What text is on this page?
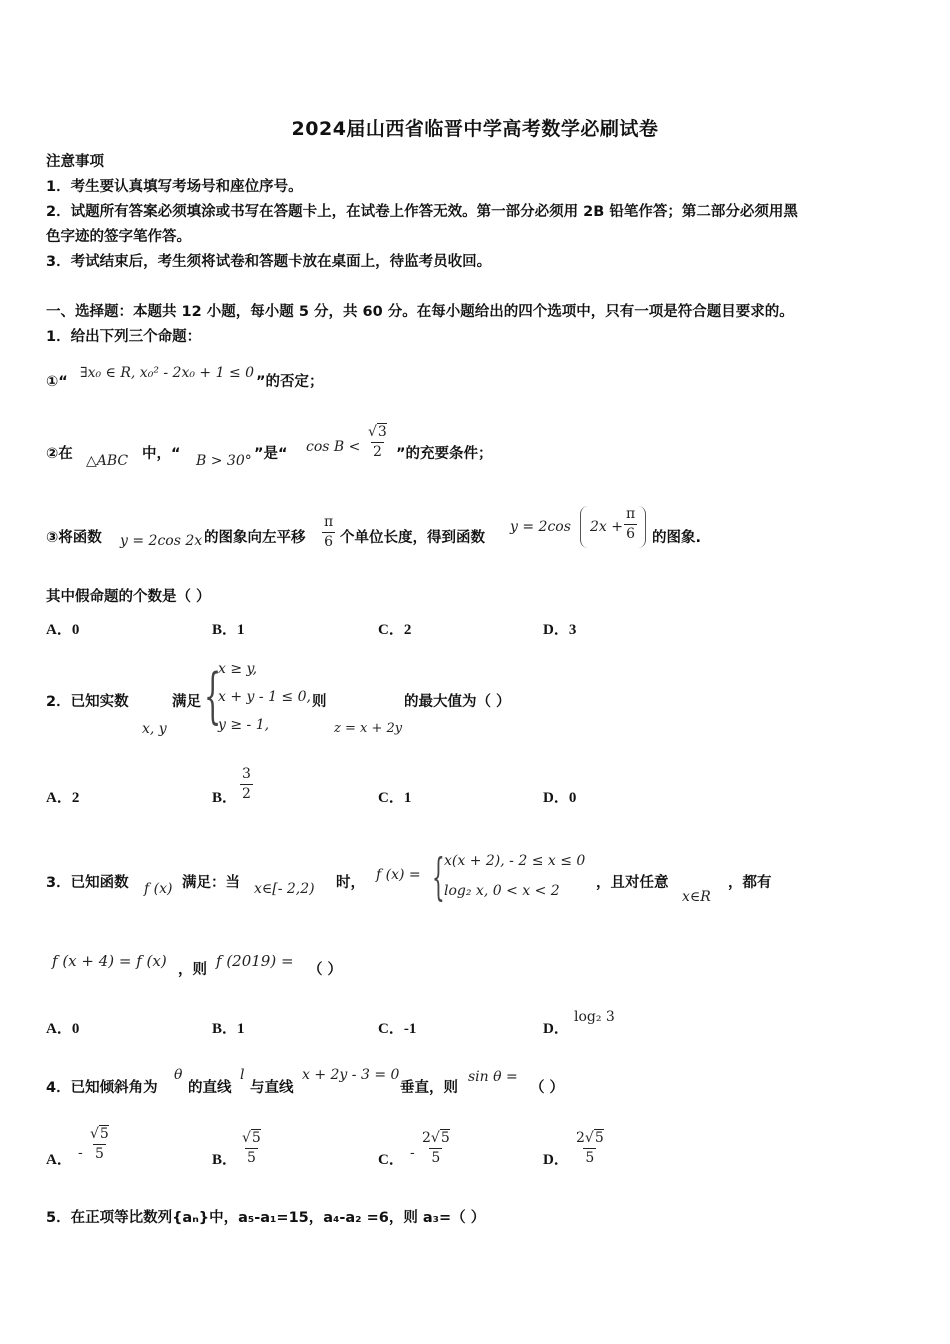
2024届山西省临晋中学高考数学必刷试卷
注意事项
1．考生要认真填写考场号和座位序号。
2．试题所有答案必须填涂或书写在答题卡上，在试卷上作答无效。第一部分必须用 2B 铅笔作答；第二部分必须用黑
色字迹的签字笔作答。
3．考试结束后，考生须将试卷和答题卡放在桌面上，待监考员收回。
一、选择题：本题共 12 小题，每小题 5 分，共 60 分。在每小题给出的四个选项中，只有一项是符合题目要求的。
1．给出下列三个命题：
①“
∃x₀ ∈ R, x₀² - 2x₀ + 1 ≤ 0
”的否定；
②在 △ABC 中，“ B > 30° ”是“ $\cos B < \frac{√3}{2}$ ”的充要条件；
③将函数 y = 2cos 2x 的图象向左平移 $\frac{\pi}{6}$ 个单位长度，得到函数
y = 2cos $2x + \frac{\pi}{6}$ 的图象.
其中假命题的个数是（ ）
A．0	B．1	C．2	D．3
2．已知实数
x, y
满足 {
x ≥ y,
x + y - 1 ≤ 0,
y ≥ - 1,
则
z = x + 2y
的最大值为（ ）
A．2	B． $\frac{3}{2}$	C．1	D．0
3．已知函数 f (x) 满足：当 x∈[- 2,2) 时， f (x) = { x(x + 2), - 2 ≤ x ≤ 0
log₂ x, 0 < x < 2	，且对任意
x∈R
，都有
f (x + 4) = f (x) ，则 f (2019) = （ ）
A．0	B．1	C．-1	D．
log₂ 3
4．已知倾斜角为
θ
的直线
l
与直线
x + 2y - 3 = 0
垂直，则
sin θ =
（ ）
A． - $\frac{√5}{5}$	B． $\frac{√5}{5}$	C． - $\frac{2√5}{5}$	D． $\frac{2√5}{5}$
5．在正项等比数列{aₙ}中，a₅-a₁=15，a₄-a₂ =6，则 a₃=（ ）
